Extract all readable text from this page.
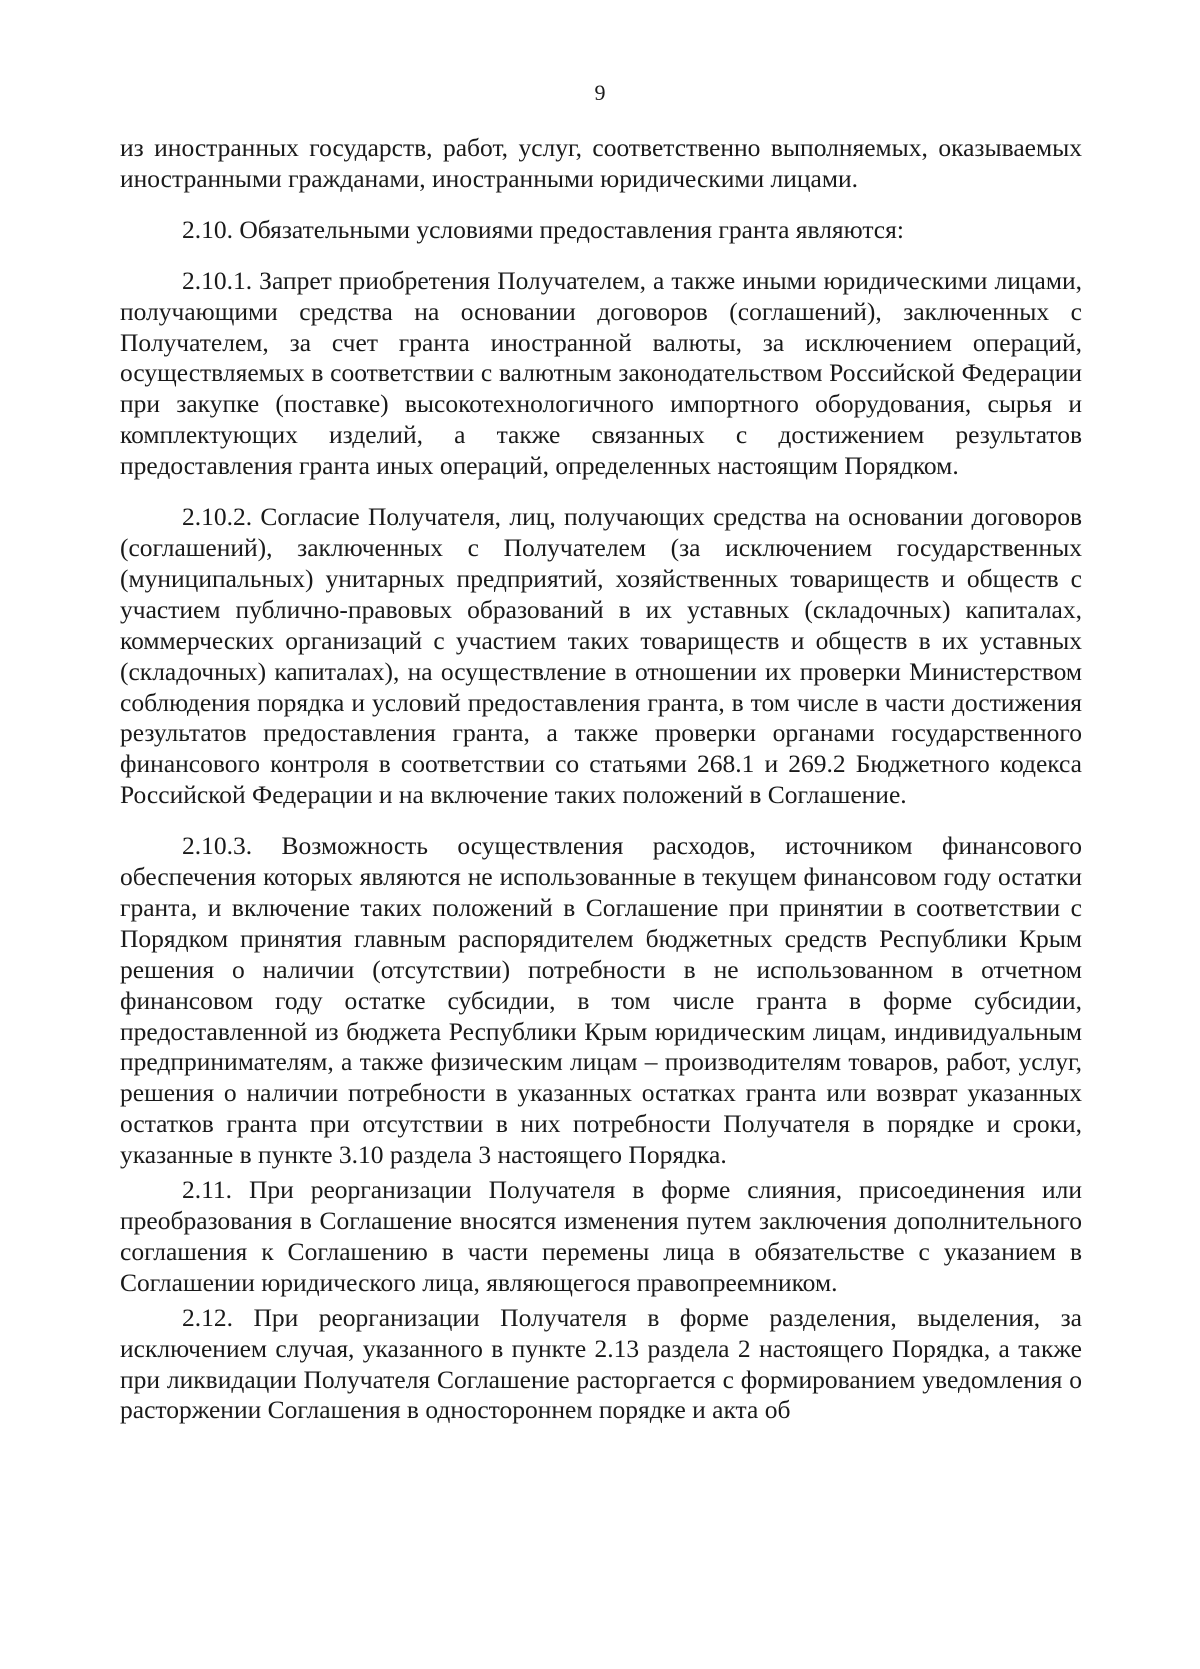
9

из иностранных государств, работ, услуг, соответственно выполняемых, оказываемых иностранными гражданами, иностранными юридическими лицами.

2.10. Обязательными условиями предоставления гранта являются:

2.10.1. Запрет приобретения Получателем, а также иными юридическими лицами, получающими средства на основании договоров (соглашений), заключенных с Получателем, за счет гранта иностранной валюты, за исключением операций, осуществляемых в соответствии с валютным законодательством Российской Федерации при закупке (поставке) высокотехнологичного импортного оборудования, сырья и комплектующих изделий, а также связанных с достижением результатов предоставления гранта иных операций, определенных настоящим Порядком.

2.10.2. Согласие Получателя, лиц, получающих средства на основании договоров (соглашений), заключенных с Получателем (за исключением государственных (муниципальных) унитарных предприятий, хозяйственных товариществ и обществ с участием публично-правовых образований в их уставных (складочных) капиталах, коммерческих организаций с участием таких товариществ и обществ в их уставных (складочных) капиталах), на осуществление в отношении их проверки Министерством соблюдения порядка и условий предоставления гранта, в том числе в части достижения результатов предоставления гранта, а также проверки органами государственного финансового контроля в соответствии со статьями 268.1 и 269.2 Бюджетного кодекса Российской Федерации и на включение таких положений в Соглашение.

2.10.3. Возможность осуществления расходов, источником финансового обеспечения которых являются не использованные в текущем финансовом году остатки гранта, и включение таких положений в Соглашение при принятии в соответствии с Порядком принятия главным распорядителем бюджетных средств Республики Крым решения о наличии (отсутствии) потребности в не использованном в отчетном финансовом году остатке субсидии, в том числе гранта в форме субсидии, предоставленной из бюджета Республики Крым юридическим лицам, индивидуальным предпринимателям, а также физическим лицам – производителям товаров, работ, услуг, решения о наличии потребности в указанных остатках гранта или возврат указанных остатков гранта при отсутствии в них потребности Получателя в порядке и сроки, указанные в пункте 3.10 раздела 3 настоящего Порядка.

2.11. При реорганизации Получателя в форме слияния, присоединения или преобразования в Соглашение вносятся изменения путем заключения дополнительного соглашения к Соглашению в части перемены лица в обязательстве с указанием в Соглашении юридического лица, являющегося правопреемником.

2.12. При реорганизации Получателя в форме разделения, выделения, за исключением случая, указанного в пункте 2.13 раздела 2 настоящего Порядка, а также при ликвидации Получателя Соглашение расторгается с формированием уведомления о расторжении Соглашения в одностороннем порядке и акта об
